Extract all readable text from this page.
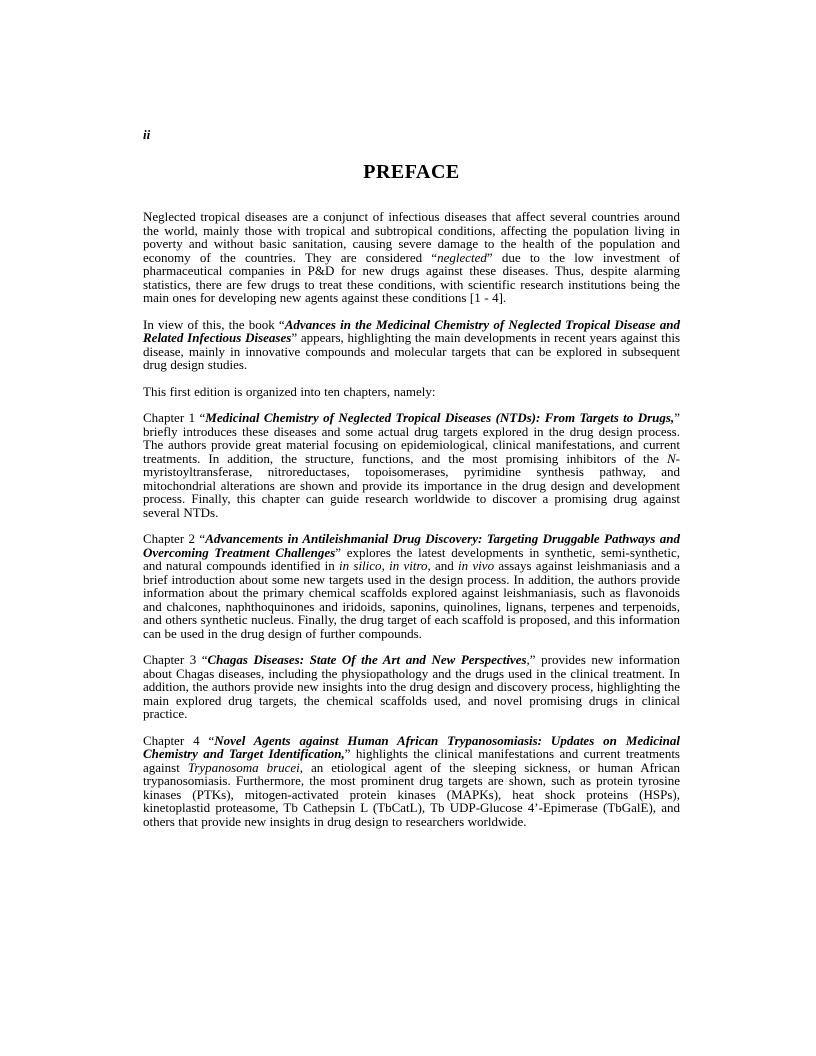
ii
PREFACE

Neglected tropical diseases are a conjunct of infectious diseases that affect several countries around the world, mainly those with tropical and subtropical conditions, affecting the population living in poverty and without basic sanitation, causing severe damage to the health of the population and economy of the countries. They are considered “neglected” due to the low investment of pharmaceutical companies in P&D for new drugs against these diseases. Thus, despite alarming statistics, there are few drugs to treat these conditions, with scientific research institutions being the main ones for developing new agents against these conditions [1 - 4].

In view of this, the book “Advances in the Medicinal Chemistry of Neglected Tropical Disease and Related Infectious Diseases” appears, highlighting the main developments in recent years against this disease, mainly in innovative compounds and molecular targets that can be explored in subsequent drug design studies.

This first edition is organized into ten chapters, namely:

Chapter 1 “Medicinal Chemistry of Neglected Tropical Diseases (NTDs): From Targets to Drugs,” briefly introduces these diseases and some actual drug targets explored in the drug design process. The authors provide great material focusing on epidemiological, clinical manifestations, and current treatments. In addition, the structure, functions, and the most promising inhibitors of the N-myristoyltransferase, nitroreductases, topoisomerases, pyrimidine synthesis pathway, and mitochondrial alterations are shown and provide its importance in the drug design and development process. Finally, this chapter can guide research worldwide to discover a promising drug against several NTDs.

Chapter 2 “Advancements in Antileishmanial Drug Discovery: Targeting Druggable Pathways and Overcoming Treatment Challenges” explores the latest developments in synthetic, semi-synthetic, and natural compounds identified in in silico, in vitro, and in vivo assays against leishmaniasis and a brief introduction about some new targets used in the design process. In addition, the authors provide information about the primary chemical scaffolds explored against leishmaniasis, such as flavonoids and chalcones, naphthoquinones and iridoids, saponins, quinolines, lignans, terpenes and terpenoids, and others synthetic nucleus. Finally, the drug target of each scaffold is proposed, and this information can be used in the drug design of further compounds.

Chapter 3 “Chagas Diseases: State Of the Art and New Perspectives,” provides new information about Chagas diseases, including the physiopathology and the drugs used in the clinical treatment. In addition, the authors provide new insights into the drug design and discovery process, highlighting the main explored drug targets, the chemical scaffolds used, and novel promising drugs in clinical practice.

Chapter 4 “Novel Agents against Human African Trypanosomiasis: Updates on Medicinal Chemistry and Target Identification,” highlights the clinical manifestations and current treatments against Trypanosoma brucei, an etiological agent of the sleeping sickness, or human African trypanosomiasis. Furthermore, the most prominent drug targets are shown, such as protein tyrosine kinases (PTKs), mitogen-activated protein kinases (MAPKs), heat shock proteins (HSPs), kinetoplastid proteasome, Tb Cathepsin L (TbCatL), Tb UDP-Glucose 4’-Epimerase (TbGalE), and others that provide new insights in drug design to researchers worldwide.
